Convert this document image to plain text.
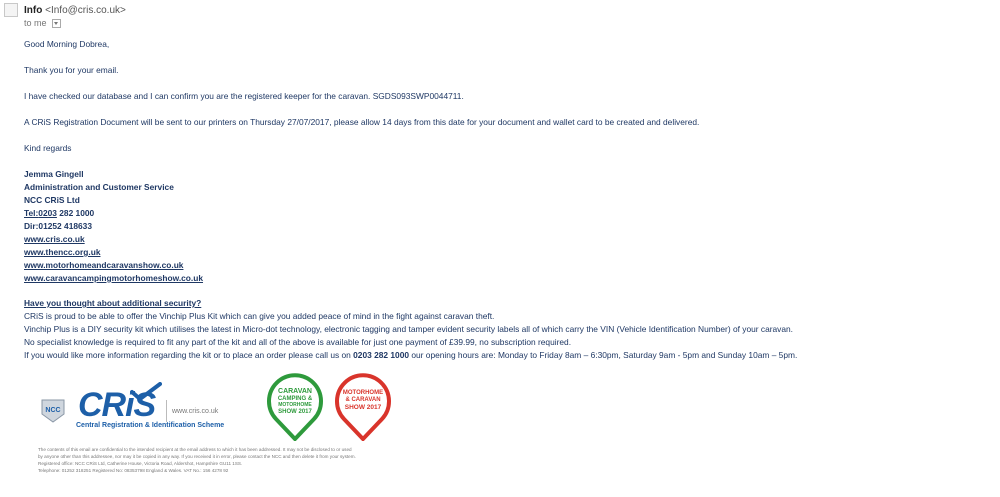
Info <Info@cris.co.uk>
to me
Good Morning Dobrea,
Thank you for your email.
I have checked our database and I can confirm you are the registered keeper for the caravan. SGDS093SWP0044711.
A CRiS Registration Document will be sent to our printers on Thursday 27/07/2017, please allow 14 days from this date for your document and wallet card to be created and delivered.
Kind regards
Jemma Gingell
Administration and Customer Service
NCC CRiS Ltd
Tel:0203 282 1000
Dir:01252 418633
www.cris.co.uk
www.thencc.org.uk
www.motorhomeandcaravanshow.co.uk
www.caravancampingmotorhomeshow.co.uk
Have you thought about additional security?
CRiS is proud to be able to offer the Vinchip Plus Kit which can give you added peace of mind in the fight against caravan theft.
Vinchip Plus is a DIY security kit which utilises the latest in Micro-dot technology, electronic tagging and tamper evident security labels all of which carry the VIN (Vehicle Identification Number) of your caravan.
No specialist knowledge is required to fit any part of the kit and all of the above is available for just one payment of £39.99, no subscription required.
If you would like more information regarding the kit or to place an order please call us on 0203 282 1000 our opening hours are: Monday to Friday 8am – 6:30pm, Saturday 9am - 5pm and Sunday 10am – 5pm.
NCC CRiS www.cris.co.uk
Central Registration & Identification Scheme
CARAVAN
CAMPING &
MOTORHOME
SHOW 2017
MOTORHOME
& CARAVAN
SHOW 2017
The contents of this email are confidential to the intended recipient at the email address to which it has been addressed. It may not be disclosed to or used
by anyone other than this addressee, nor may it be copied in any way. If you received it in error, please contact the NCC and then delete it from your system.
Registered office: NCC CRiS Ltd, Catherine House, Victoria Road, Aldershot, Hampshire GU11 1SS.
Telephone: 01252 318251 Registered No: 08353798 England & Wales. VAT No.: 156 4278 92
